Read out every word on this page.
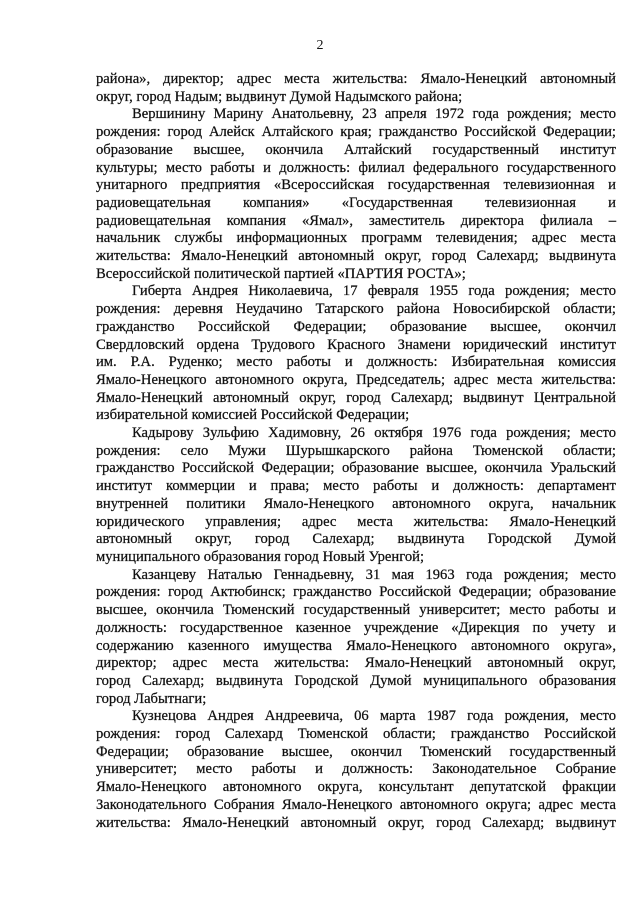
2
района», директор; адрес места жительства: Ямало-Ненецкий автономный
округ, город Надым; выдвинут Думой Надымского района;
Вершинину Марину Анатольевну, 23 апреля 1972 года рождения; место
рождения: город Алейск Алтайского края; гражданство Российской Федерации;
образование высшее, окончила Алтайский государственный институт
культуры; место работы и должность: филиал федерального государственного
унитарного предприятия «Всероссийская государственная телевизионная и
радиовещательная компания» «Государственная телевизионная и
радиовещательная компания «Ямал», заместитель директора филиала –
начальник службы информационных программ телевидения; адрес места
жительства: Ямало-Ненецкий автономный округ, город Салехард; выдвинута
Всероссийской политической партией «ПАРТИЯ РОСТА»;
Гиберта Андрея Николаевича, 17 февраля 1955 года рождения; место
рождения: деревня Неудачино Татарского района Новосибирской области;
гражданство Российской Федерации; образование высшее, окончил
Свердловский ордена Трудового Красного Знамени юридический институт
им. Р.А. Руденко; место работы и должность: Избирательная комиссия
Ямало-Ненецкого автономного округа, Председатель; адрес места жительства:
Ямало-Ненецкий автономный округ, город Салехард; выдвинут Центральной
избирательной комиссией Российской Федерации;
Кадырову Зульфию Хадимовну, 26 октября 1976 года рождения; место
рождения: село Мужи Шурышкарского района Тюменской области;
гражданство Российской Федерации; образование высшее, окончила Уральский
институт коммерции и права; место работы и должность: департамент
внутренней политики Ямало-Ненецкого автономного округа, начальник
юридического управления; адрес места жительства: Ямало-Ненецкий
автономный округ, город Салехард; выдвинута Городской Думой
муниципального образования город Новый Уренгой;
Казанцеву Наталью Геннадьевну, 31 мая 1963 года рождения; место
рождения: город Актюбинск; гражданство Российской Федерации; образование
высшее, окончила Тюменский государственный университет; место работы и
должность: государственное казенное учреждение «Дирекция по учету и
содержанию казенного имущества Ямало-Ненецкого автономного округа»,
директор; адрес места жительства: Ямало-Ненецкий автономный округ,
город Салехард; выдвинута Городской Думой муниципального образования
город Лабытнаги;
Кузнецова Андрея Андреевича, 06 марта 1987 года рождения, место
рождения: город Салехард Тюменской области; гражданство Российской
Федерации; образование высшее, окончил Тюменский государственный
университет; место работы и должность: Законодательное Собрание
Ямало-Ненецкого автономного округа, консультант депутатской фракции
Законодательного Собрания Ямало-Ненецкого автономного округа; адрес места
жительства: Ямало-Ненецкий автономный округ, город Салехард; выдвинут
